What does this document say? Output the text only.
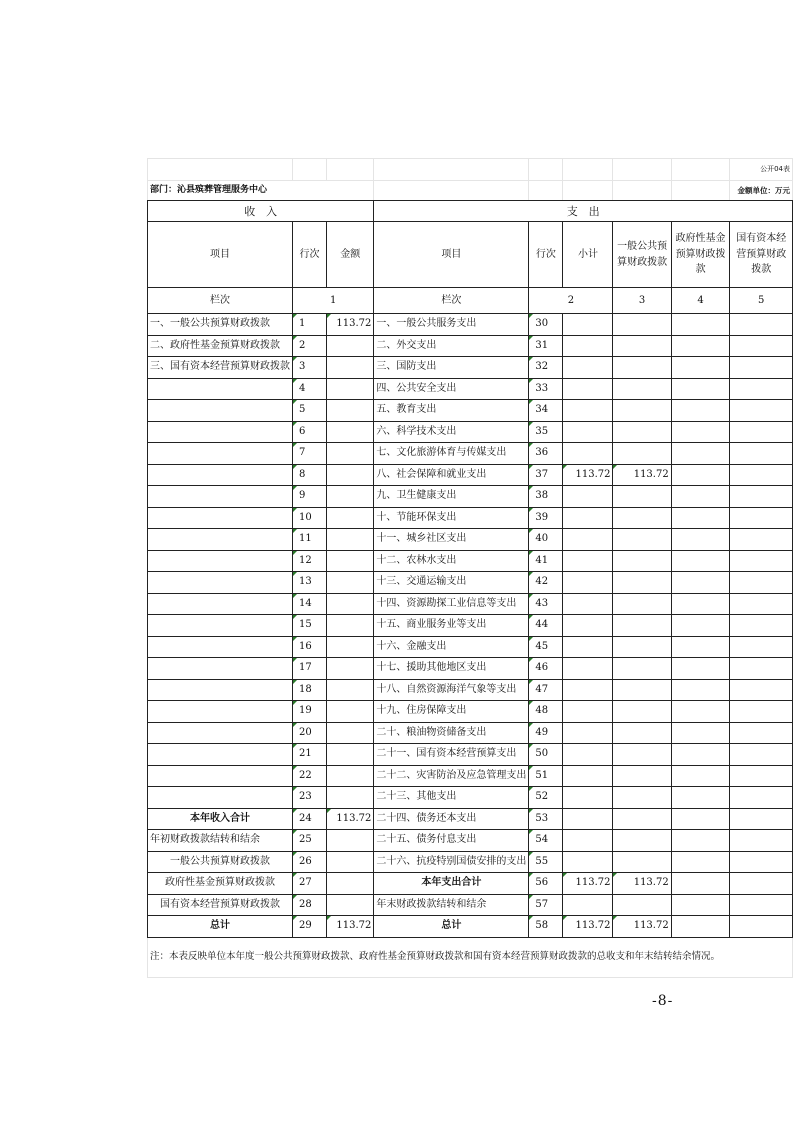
								公开04表
部门：沁县殡葬管理服务中心								金额单位：万元
收　入			支　出					
项目	行次	金额	项目	行次	小计	一般公共预算财政拨款	政府性基金预算财政拨款	国有资本经营预算财政拨款
栏次	1		栏次	2		3	4	5
一、一般公共预算财政拨款	1	113.72	一、一般公共服务支出	30				
二、政府性基金预算财政拨款	2		二、外交支出	31				
三、国有资本经营预算财政拨款	3		三、国防支出	32				
	4		四、公共安全支出	33				
	5		五、教育支出	34				
	6		六、科学技术支出	35				
	7		七、文化旅游体育与传媒支出	36				
	8		八、社会保障和就业支出	37	113.72	113.72		
	9		九、卫生健康支出	38				
	10		十、节能环保支出	39				
	11		十一、城乡社区支出	40				
	12		十二、农林水支出	41				
	13		十三、交通运输支出	42				
	14		十四、资源勘探工业信息等支出	43				
	15		十五、商业服务业等支出	44				
	16		十六、金融支出	45				
	17		十七、援助其他地区支出	46				
	18		十八、自然资源海洋气象等支出	47				
	19		十九、住房保障支出	48				
	20		二十、粮油物资储备支出	49				
	21		二十一、国有资本经营预算支出	50				
	22		二十二、灾害防治及应急管理支出	51				
	23		二十三、其他支出	52				
本年收入合计	24	113.72	二十四、债务还本支出	53				
年初财政拨款结转和结余	25		二十五、债务付息支出	54				
一般公共预算财政拨款	26		二十六、抗疫特别国债安排的支出	55				
政府性基金预算财政拨款	27		本年支出合计	56	113.72	113.72		
国有资本经营预算财政拨款	28		年末财政拨款结转和结余	57				
总计	29	113.72	总计	58	113.72	113.72		
注：本表反映单位本年度一般公共预算财政拨款、政府性基金预算财政拨款和国有资本经营预算财政拨款的总收支和年末结转结余情况。								
-8-
